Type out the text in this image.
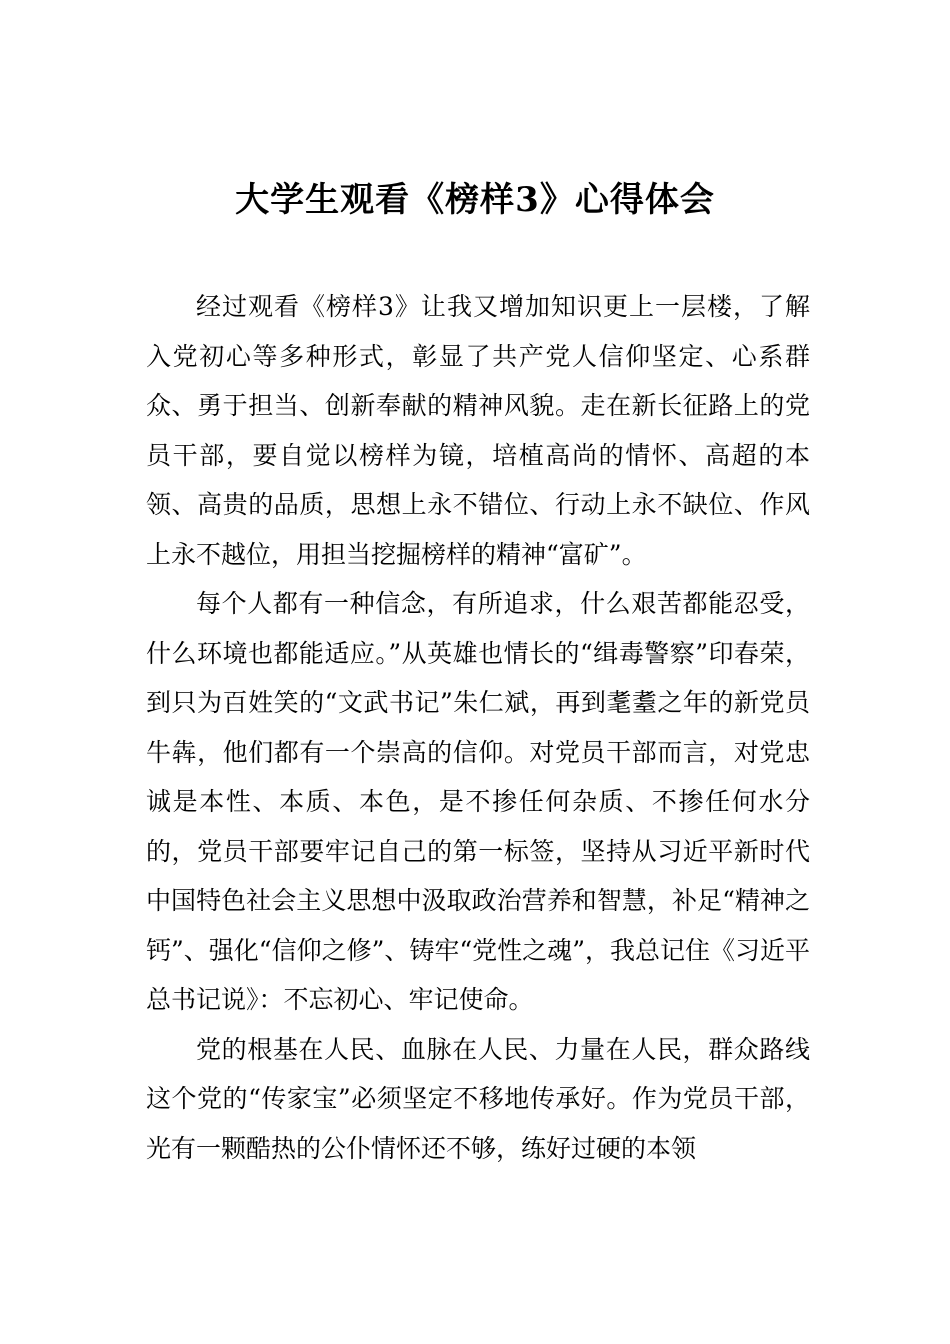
大学生观看《榜样3》心得体会

经过观看《榜样3》让我又增加知识更上一层楼，了解入党初心等多种形式，彰显了共产党人信仰坚定、心系群众、勇于担当、创新奉献的精神风貌。走在新长征路上的党员干部，要自觉以榜样为镜，培植高尚的情怀、高超的本领、高贵的品质，思想上永不错位、行动上永不缺位、作风上永不越位，用担当挖掘榜样的精神“富矿”。

每个人都有一种信念，有所追求，什么艰苦都能忍受，什么环境也都能适应。”从英雄也情长的“缉毒警察”印春荣，到只为百姓笑的“文武书记”朱仁斌，再到耄耋之年的新党员牛犇，他们都有一个崇高的信仰。对党员干部而言，对党忠诚是本性、本质、本色，是不掺任何杂质、不掺任何水分的，党员干部要牢记自己的第一标签，坚持从习近平新时代中国特色社会主义思想中汲取政治营养和智慧，补足“精神之钙”、强化“信仰之修”、铸牢“党性之魂”，我总记住《习近平总书记说》：不忘初心、牢记使命。

党的根基在人民、血脉在人民、力量在人民，群众路线这个党的“传家宝”必须坚定不移地传承好。作为党员干部，光有一颗酷热的公仆情怀还不够，练好过硬的本领
